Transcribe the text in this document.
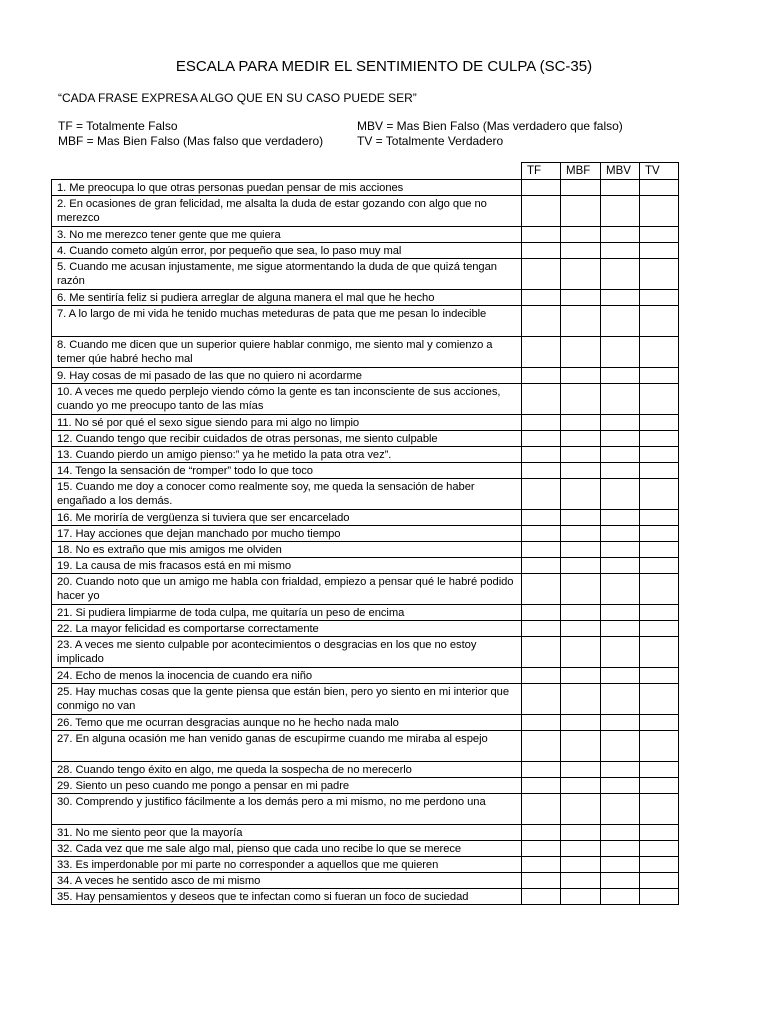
ESCALA PARA MEDIR EL SENTIMIENTO DE CULPA (SC-35)
“CADA FRASE EXPRESA ALGO QUE EN SU CASO PUEDE SER”
TF = Totalmente Falso
MBF = Mas Bien Falso (Mas falso que verdadero)
MBV = Mas Bien Falso (Mas verdadero que falso)
TV = Totalmente Verdadero
	TF	MBF	MBV	TV
1. Me preocupa lo que otras personas puedan pensar de mis acciones				
2. En ocasiones de gran felicidad, me alsalta la duda de estar gozando con algo que no merezco				
3. No me merezco tener gente que me quiera				
4. Cuando cometo algún error, por pequeño que sea, lo paso muy mal				
5. Cuando me acusan injustamente, me sigue atormentando la duda de que quizá tengan razón				
6. Me sentiría feliz si pudiera arreglar de alguna manera el mal que he hecho				
7. A lo largo de mi vida he tenido muchas meteduras de pata que me pesan lo indecible				
8. Cuando me dicen que un superior quiere hablar conmigo, me siento mal y comienzo a temer qúe habré hecho mal				
9. Hay cosas de mi pasado de las que no quiero ni acordarme				
10. A veces me quedo perplejo viendo cómo la gente es tan inconsciente de sus acciones, cuando yo me preocupo tanto de las mías				
11. No sé por qué el sexo sigue siendo para mi algo no limpio				
12. Cuando tengo que recibir cuidados de otras personas, me siento culpable				
13. Cuando pierdo un amigo pienso:” ya he metido la pata otra vez”.				
14. Tengo la sensación de “romper” todo lo que toco				
15. Cuando me doy a conocer como realmente soy, me queda la sensación de haber engañado a los demás.				
16. Me moriría de vergüenza si tuviera que ser encarcelado				
17. Hay acciones que dejan manchado por mucho tiempo				
18. No es extraño que mis amigos me olviden				
19. La causa de mis fracasos está en mi mismo				
20. Cuando noto que un amigo me habla con frialdad, empiezo a pensar qué le habré podido hacer yo				
21. Si pudiera limpiarme de toda culpa, me quitaría un peso de encima				
22. La mayor felicidad es comportarse correctamente				
23. A veces me siento culpable por acontecimientos o desgracias en los que no estoy implicado				
24. Echo de menos la inocencia de cuando era niño				
25. Hay muchas cosas que la gente piensa que están bien, pero yo siento en mi interior que conmigo no van				
26. Temo que me ocurran desgracias aunque no he hecho nada malo				
27. En alguna ocasión me han venido ganas de escupirme cuando me miraba al espejo				
28. Cuando tengo éxito en algo, me queda la sospecha de no merecerlo				
29. Siento un peso cuando me pongo a pensar en mi padre				
30. Comprendo y justifico fácilmente a los demás pero a mi mismo, no me perdono una				
31. No me siento peor que la mayoría				
32. Cada vez que me sale algo mal, pienso que cada uno recibe lo que se merece				
33. Es imperdonable por mi parte no corresponder a aquellos que me quieren				
34. A veces he sentido asco de mi mismo				
35. Hay pensamientos y deseos que te infectan como si fueran un foco de suciedad				
